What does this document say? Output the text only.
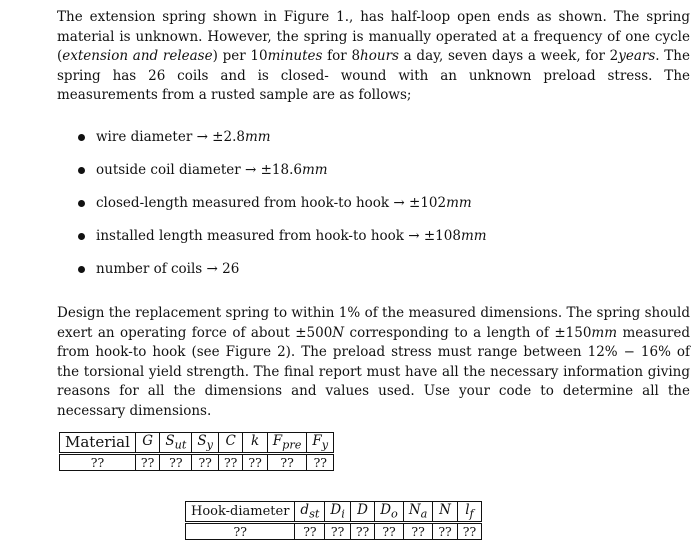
The extension spring shown in Figure 1., has half-loop open ends as shown. The spring material is unknown. However, the spring is manually operated at a frequency of one cycle (extension and release) per 10minutes for 8hours a day, seven days a week, for 2years. The spring has 26 coils and is closed- wound with an unknown preload stress. The measurements from a rusted sample are as follows;

wire diameter → ±2.8 mm
outside coil diameter → ±18.6 mm
closed-length measured from hook-to hook → ±102 mm
installed length measured from hook-to hook → ±108 mm
number of coils → 26

Design the replacement spring to within 1% of the measured dimensions. The spring should exert an operating force of about ±500N corresponding to a length of ±150mm measured from hook-to hook (see Figure 2). The preload stress must range between 12% − 16% of the torsional yield strength. The final report must have all the necessary information giving reasons for all the dimensions and values used. Use your code to determine all the necessary dimensions.

Material	G	$S_{ut}$	$S_y$	C	k	$F_{pre}$	$F_y$
??	??	??	??	??	??	??	??
Hook-diameter	$d_{st}$	$D_i$	D	$D_o$	$N_a$	N	$l_f$
??	??	??	??	??	??	??	??
